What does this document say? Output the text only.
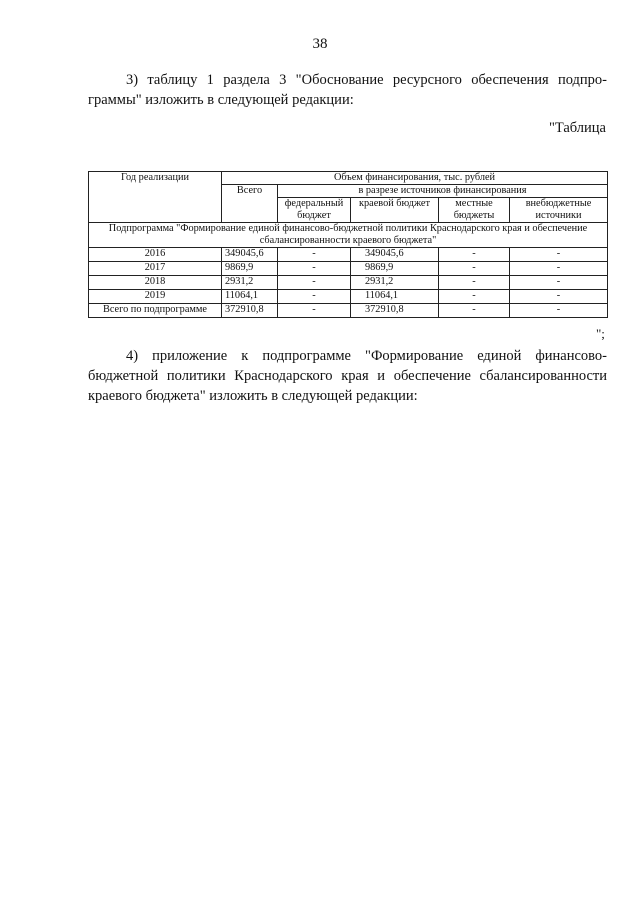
38
3) таблицу 1 раздела 3 "Обоснование ресурсного обеспечения подпро-
граммы" изложить в следующей редакции:
"Таблица
Год реализации	Объем финансирования, тыс. рублей				
	Всего	в разрезе источников финансирования			
		федеральный бюджет	краевой бюджет	местные бюджеты	внебюджетные источники
Подпрограмма "Формирование единой финансово-бюджетной политики Краснодарского края и обеспечение сбалансированности краевого бюджета"					
2016	349045,6	-	349045,6	-	-
2017	9869,9	-	9869,9	-	-
2018	2931,2	-	2931,2	-	-
2019	11064,1	-	11064,1	-	-
Всего по подпрограмме	372910,8	-	372910,8	-	-
";
4) приложение к подпрограмме "Формирование единой финансово-
бюджетной политики Краснодарского края и обеспечение сбалансированности
краевого бюджета" изложить в следующей редакции:
